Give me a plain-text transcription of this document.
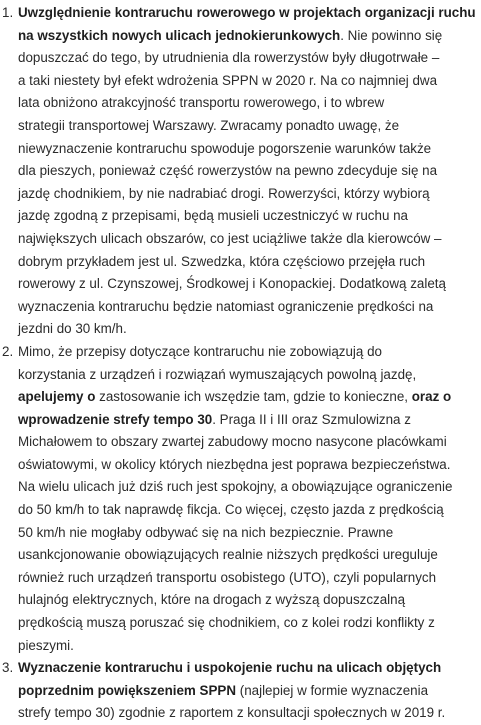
1. Uwzględnienie kontraruchu rowerowego w projektach organizacji ruchu
na wszystkich nowych ulicach jednokierunkowych. Nie powinno się
dopuszczać do tego, by utrudnienia dla rowerzystów były długotrwałe –
a taki niestety był efekt wdrożenia SPPN w 2020 r. Na co najmniej dwa
lata obniżono atrakcyjność transportu rowerowego, i to wbrew
strategii transportowej Warszawy. Zwracamy ponadto uwagę, że
niewyznaczenie kontraruchu spowoduje pogorszenie warunków także
dla pieszych, ponieważ część rowerzystów na pewno zdecyduje się na
jazdę chodnikiem, by nie nadrabiać drogi. Rowerzyści, którzy wybiorą
jazdę zgodną z przepisami, będą musieli uczestniczyć w ruchu na
największych ulicach obszarów, co jest uciążliwe także dla kierowców –
dobrym przykładem jest ul. Szwedzka, która częściowo przejęła ruch
rowerowy z ul. Czynszowej, Środkowej i Konopackiej. Dodatkową zaletą
wyznaczenia kontraruchu będzie natomiast ograniczenie prędkości na
jezdni do 30 km/h.
2. Mimo, że przepisy dotyczące kontraruchu nie zobowiązują do
korzystania z urządzeń i rozwiązań wymuszających powolną jazdę,
apelujemy o zastosowanie ich wszędzie tam, gdzie to konieczne, oraz o
wprowadzenie strefy tempo 30. Praga II i III oraz Szmulowizna z
Michałowem to obszary zwartej zabudowy mocno nasycone placówkami
oświatowymi, w okolicy których niezbędna jest poprawa bezpieczeństwa.
Na wielu ulicach już dziś ruch jest spokojny, a obowiązujące ograniczenie
do 50 km/h to tak naprawdę fikcja. Co więcej, często jazda z prędkością
50 km/h nie mogłaby odbywać się na nich bezpiecznie. Prawne
usankcjonowanie obowiązujących realnie niższych prędkości ureguluje
również ruch urządzeń transportu osobistego (UTO), czyli popularnych
hulajnóg elektrycznych, które na drogach z wyższą dopuszczalną
prędkością muszą poruszać się chodnikiem, co z kolei rodzi konflikty z
pieszymi.
3. Wyznaczenie kontraruchu i uspokojenie ruchu na ulicach objętych
poprzednim powiększeniem SPPN (najlepiej w formie wyznaczenia
strefy tempo 30) zgodnie z raportem z konsultacji społecznych w 2019 r.
